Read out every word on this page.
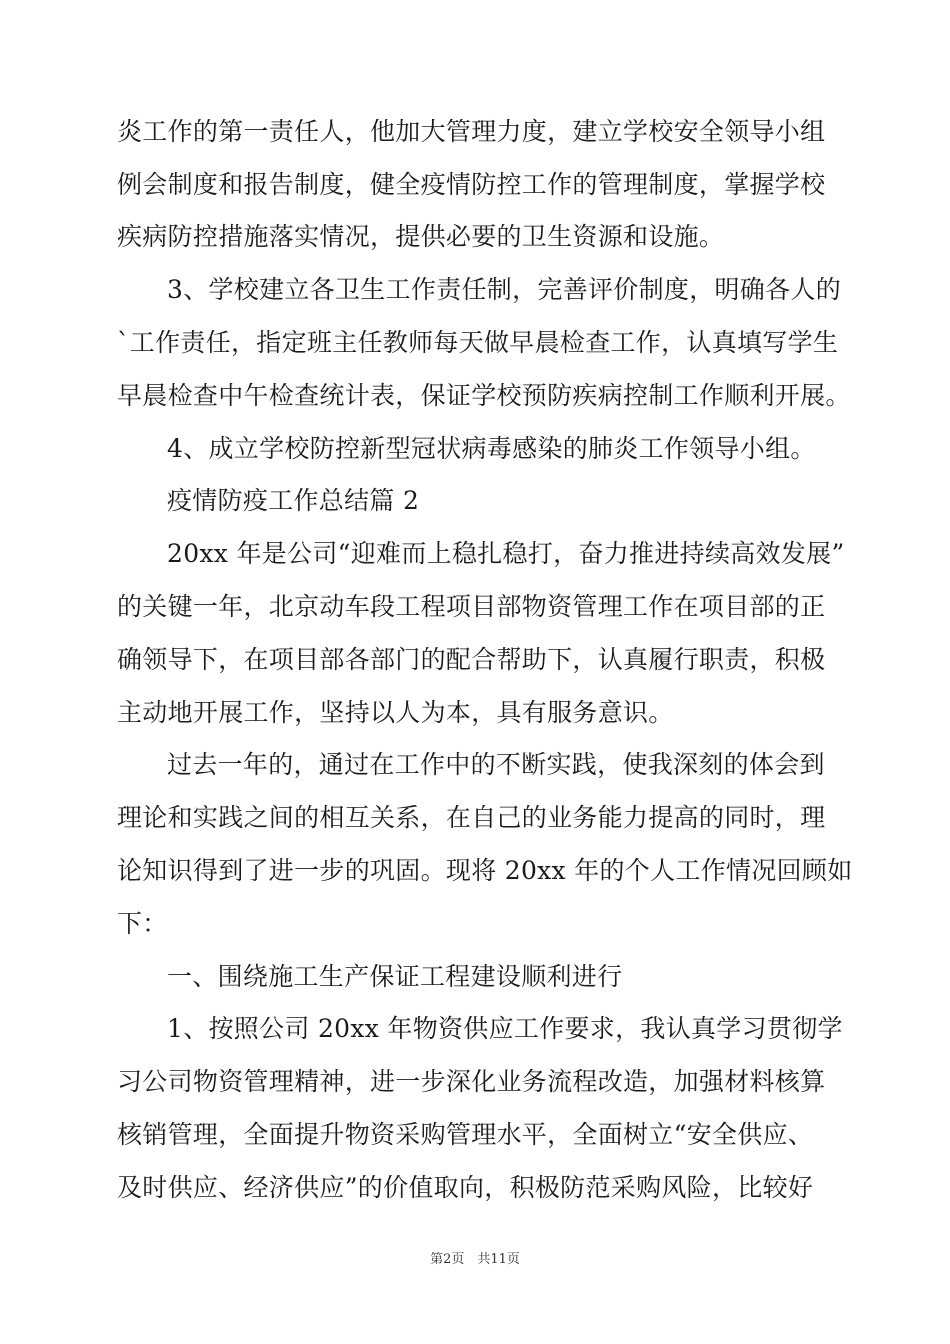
炎工作的第一责任人，他加大管理力度，建立学校安全领导小组
例会制度和报告制度，健全疫情防控工作的管理制度，掌握学校
疾病防控措施落实情况，提供必要的卫生资源和设施。
3、学校建立各卫生工作责任制，完善评价制度，明确各人的
`工作责任，指定班主任教师每天做早晨检查工作，认真填写学生
早晨检查中午检查统计表，保证学校预防疾病控制工作顺利开展。
4、成立学校防控新型冠状病毒感染的肺炎工作领导小组。
疫情防疫工作总结篇 2
20xx 年是公司“迎难而上稳扎稳打，奋力推进持续高效发展”
的关键一年，北京动车段工程项目部物资管理工作在项目部的正
确领导下，在项目部各部门的配合帮助下，认真履行职责，积极
主动地开展工作，坚持以人为本，具有服务意识。
过去一年的，通过在工作中的不断实践，使我深刻的体会到
理论和实践之间的相互关系，在自己的业务能力提高的同时，理
论知识得到了进一步的巩固。现将 20xx 年的个人工作情况回顾如
下：
一、围绕施工生产保证工程建设顺利进行
1、按照公司 20xx 年物资供应工作要求，我认真学习贯彻学
习公司物资管理精神，进一步深化业务流程改造，加强材料核算
核销管理，全面提升物资采购管理水平，全面树立“安全供应、
及时供应、经济供应”的价值取向，积极防范采购风险，比较好
第2页　共11页
